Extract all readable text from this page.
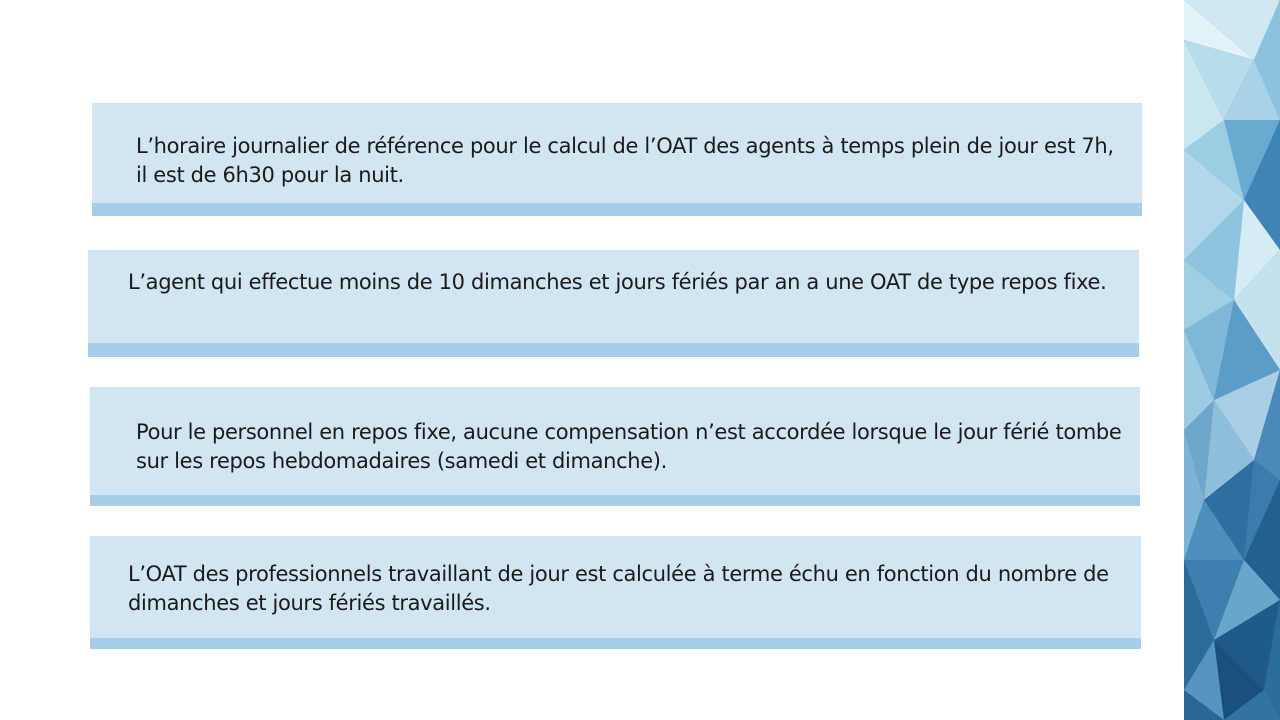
L’horaire journalier de référence pour le calcul de l’OAT des agents à temps plein de jour est 7h, il est de 6h30 pour la nuit.

L’agent qui effectue moins de 10 dimanches et jours fériés par an a une OAT de type repos fixe.

Pour le personnel en repos fixe, aucune compensation n’est accordée lorsque le jour férié tombe sur les repos hebdomadaires (samedi et dimanche).

L’OAT des professionnels travaillant de jour est calculée à terme échu en fonction du nombre de dimanches et jours fériés travaillés.
